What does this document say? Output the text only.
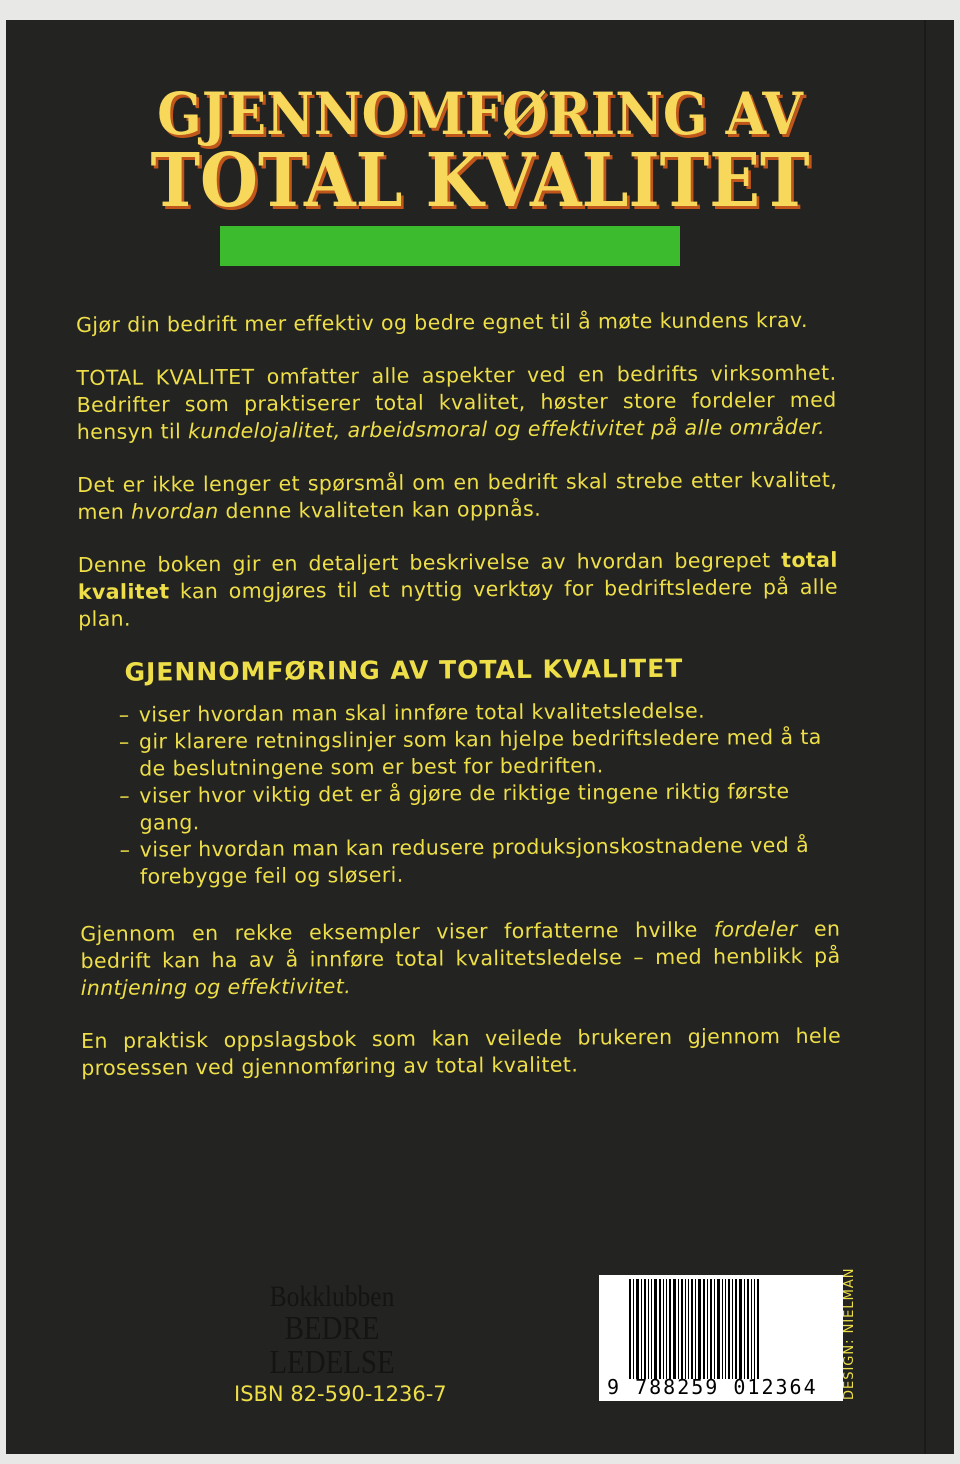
GJENNOMFØRING AV
TOTAL KVALITET

Gjør din bedrift mer effektiv og bedre egnet til å møte kundens krav.

TOTAL KVALITET omfatter alle aspekter ved en bedrifts virksomhet. Bedrifter som praktiserer total kvalitet, høster store fordeler med hensyn til kundelojalitet, arbeidsmoral og effektivitet på alle områder.

Det er ikke lenger et spørsmål om en bedrift skal strebe etter kvalitet, men hvordan denne kvaliteten kan oppnås.

Denne boken gir en detaljert beskrivelse av hvordan begrepet total kvalitet kan omgjøres til et nyttig verktøy for bedriftsledere på alle plan.

GJENNOMFØRING AV TOTAL KVALITET
– viser hvordan man skal innføre total kvalitetsledelse.
– gir klarere retningslinjer som kan hjelpe bedriftsledere med å ta de beslutningene som er best for bedriften.
– viser hvor viktig det er å gjøre de riktige tingene riktig første gang.
– viser hvordan man kan redusere produksjonskostnadene ved å forebygge feil og sløseri.

Gjennom en rekke eksempler viser forfatterne hvilke fordeler en bedrift kan ha av å innføre total kvalitetsledelse – med henblikk på inntjening og effektivitet.

En praktisk oppslagsbok som kan veilede brukeren gjennom hele prosessen ved gjennomføring av total kvalitet.

Bokklubben
BEDRE LEDELSE
ISBN 82-590-1236-7	9 788259 012364 DESIGN: NIELMAN
